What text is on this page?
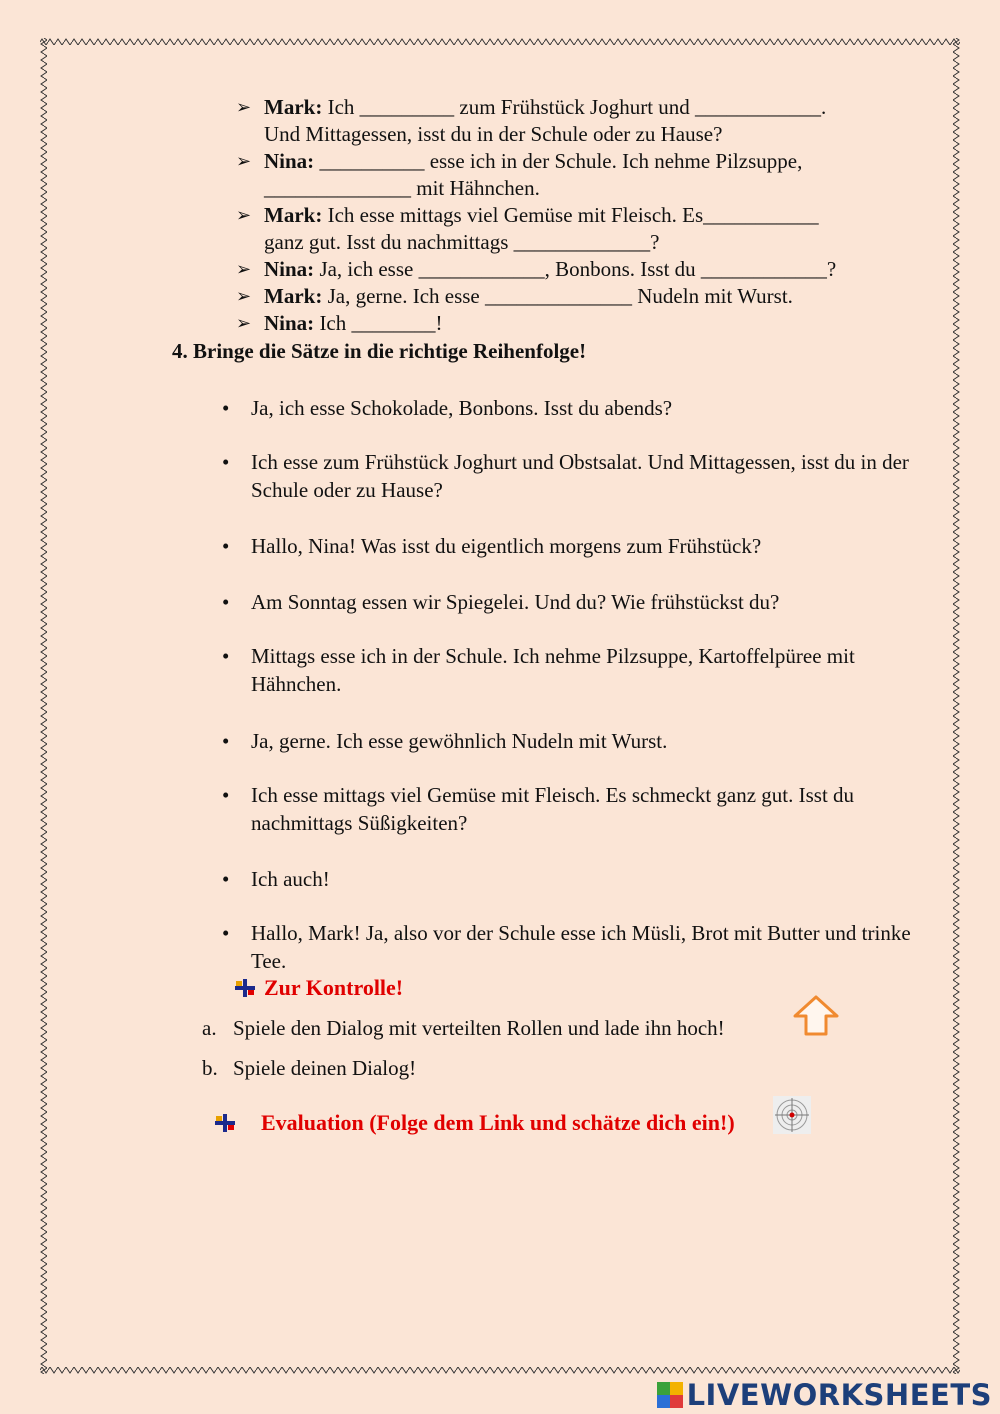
➢ Mark: Ich _________ zum Frühstück Joghurt und ____________.
Und Mittagessen, isst du in der Schule oder zu Hause?
➢ Nina: __________ esse ich in der Schule. Ich nehme Pilzsuppe,
______________ mit Hähnchen.
➢ Mark: Ich esse mittags viel Gemüse mit Fleisch. Es___________
ganz gut. Isst du nachmittags _____________?
➢ Nina: Ja, ich esse ____________, Bonbons. Isst du ____________?
➢ Mark: Ja, gerne. Ich esse ______________ Nudeln mit Wurst.
➢ Nina: Ich ________!
4. Bringe die Sätze in die richtige Reihenfolge!
•	Ja, ich esse Schokolade, Bonbons. Isst du abends?
•	Ich esse zum Frühstück Joghurt und Obstsalat. Und Mittagessen, isst du in der Schule oder zu Hause?
•	Hallo, Nina! Was isst du eigentlich morgens zum Frühstück?
•	Am Sonntag essen wir Spiegelei. Und du? Wie frühstückst du?
•	Mittags esse ich in der Schule. Ich nehme Pilzsuppe, Kartoffelpüree mit Hähnchen.
•	Ja, gerne. Ich esse gewöhnlich Nudeln mit Wurst.
•	Ich esse mittags viel Gemüse mit Fleisch. Es schmeckt ganz gut. Isst du nachmittags Süßigkeiten?
•	Ich auch!
•	Hallo, Mark! Ja, also vor der Schule esse ich Müsli, Brot mit Butter und trinke Tee.
Zur Kontrolle!
a. Spiele den Dialog mit verteilten Rollen und lade ihn hoch!
b. Spiele deinen Dialog!
Evaluation (Folge dem Link und schätze dich ein!)
LIVEWORKSHEETS
